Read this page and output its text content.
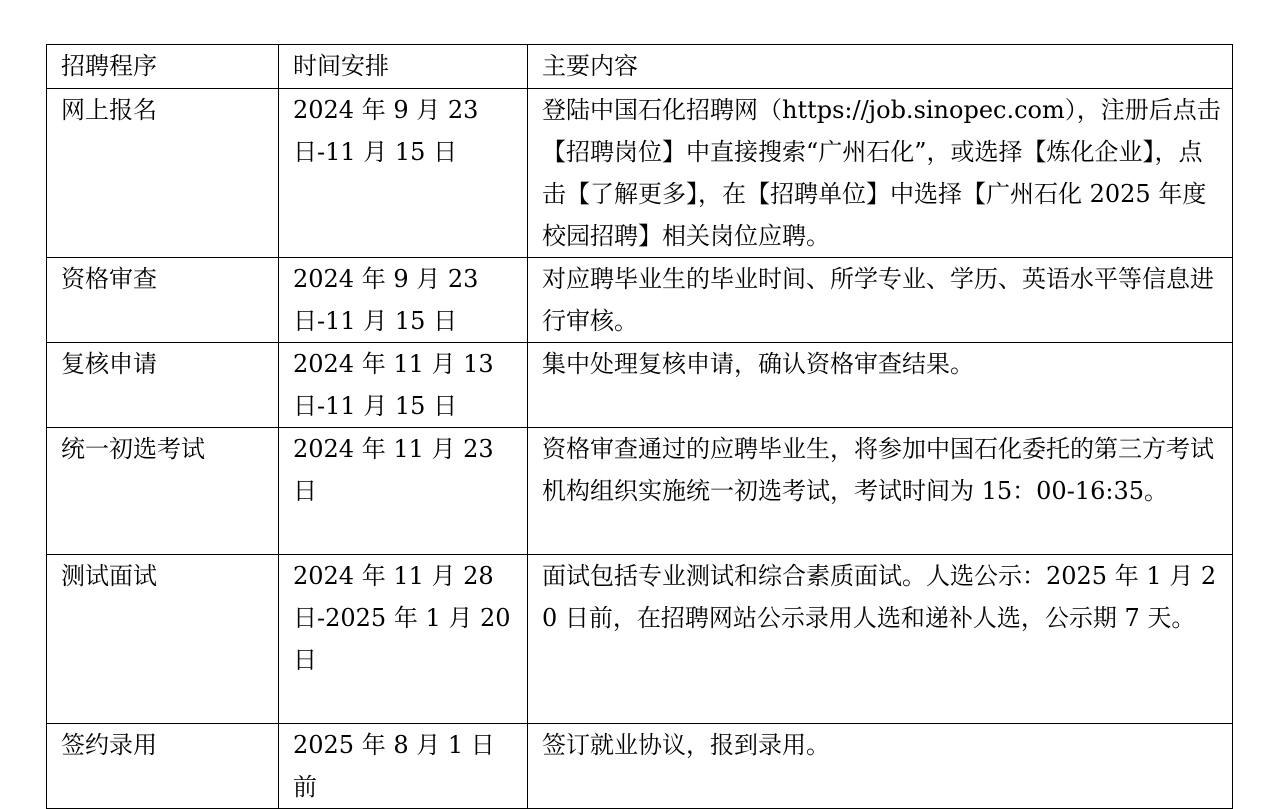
招聘程序	时间安排	主要内容
网上报名	2024 年 9 月 23 日-11 月 15 日	登陆中国石化招聘网（https://job.sinopec.com），注册后点击【招聘岗位】中直接搜索“广州石化”，或选择【炼化企业】，点击【了解更多】，在【招聘单位】中选择【广州石化 2025 年度校园招聘】相关岗位应聘。
资格审查	2024 年 9 月 23 日-11 月 15 日	对应聘毕业生的毕业时间、所学专业、学历、英语水平等信息进行审核。
复核申请	2024 年 11 月 13 日-11 月 15 日	集中处理复核申请，确认资格审查结果。
统一初选考试	2024 年 11 月 23 日	资格审查通过的应聘毕业生，将参加中国石化委托的第三方考试机构组织实施统一初选考试，考试时间为 15：00-16:35。
测试面试	2024 年 11 月 28 日-2025 年 1 月 20 日	面试包括专业测试和综合素质面试。人选公示：2025 年 1 月 20 日前，在招聘网站公示录用人选和递补人选，公示期 7 天。
签约录用	2025 年 8 月 1 日前	签订就业协议，报到录用。
